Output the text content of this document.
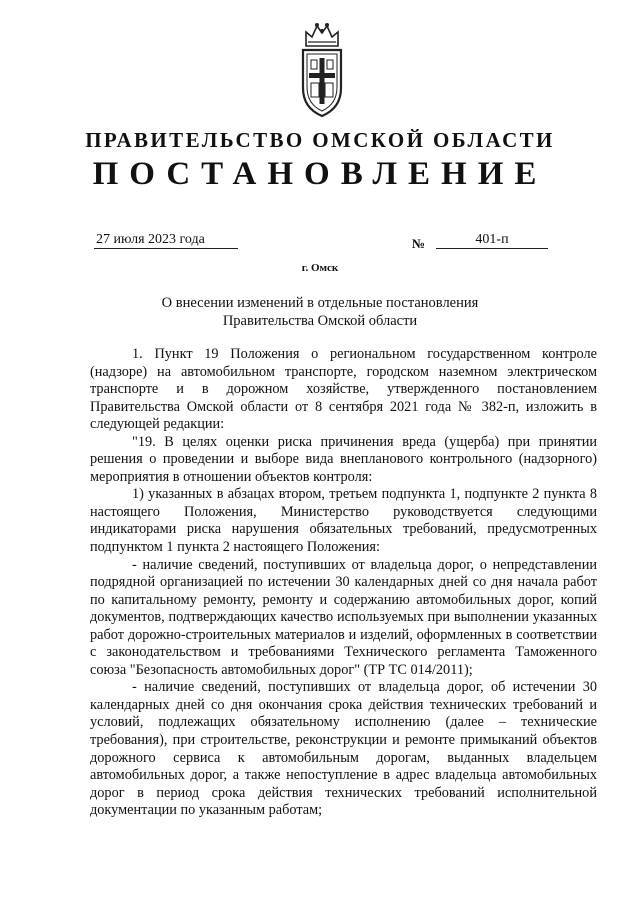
ПРАВИТЕЛЬСТВО ОМСКОЙ ОБЛАСТИ
ПОСТАНОВЛЕНИЕ
27 июля 2023 года	№	401-п
г. Омск
О внесении изменений в отдельные постановления
Правительства Омской области

1. Пункт 19 Положения о региональном государственном контроле (надзоре) на автомобильном транспорте, городском наземном электрическом транспорте и в дорожном хозяйстве, утвержденного постановлением Правительства Омской области от 8 сентября 2021 года № 382-п, изложить в следующей редакции:

"19. В целях оценки риска причинения вреда (ущерба) при принятии решения о проведении и выборе вида внепланового контрольного (надзорного) мероприятия в отношении объектов контроля:

1) указанных в абзацах втором, третьем подпункта 1, подпункте 2 пункта 8 настоящего Положения, Министерство руководствуется следующими индикаторами риска нарушения обязательных требований, предусмотренных подпунктом 1 пункта 2 настоящего Положения:

- наличие сведений, поступивших от владельца дорог, о непредставлении подрядной организацией по истечении 30 календарных дней со дня начала работ по капитальному ремонту, ремонту и содержанию автомобильных дорог, копий документов, подтверждающих качество используемых при выполнении указанных работ дорожно-строительных материалов и изделий, оформленных в соответствии с законодательством и требованиями Технического регламента Таможенного союза "Безопасность автомобильных дорог" (ТР ТС 014/2011);

- наличие сведений, поступивших от владельца дорог, об истечении 30 календарных дней со дня окончания срока действия технических требований и условий, подлежащих обязательному исполнению (далее – технические требования), при строительстве, реконструкции и ремонте примыканий объектов дорожного сервиса к автомобильным дорогам, выданных владельцем автомобильных дорог, а также непоступление в адрес владельца автомобильных дорог в период срока действия технических требований исполнительной документации по указанным работам;
